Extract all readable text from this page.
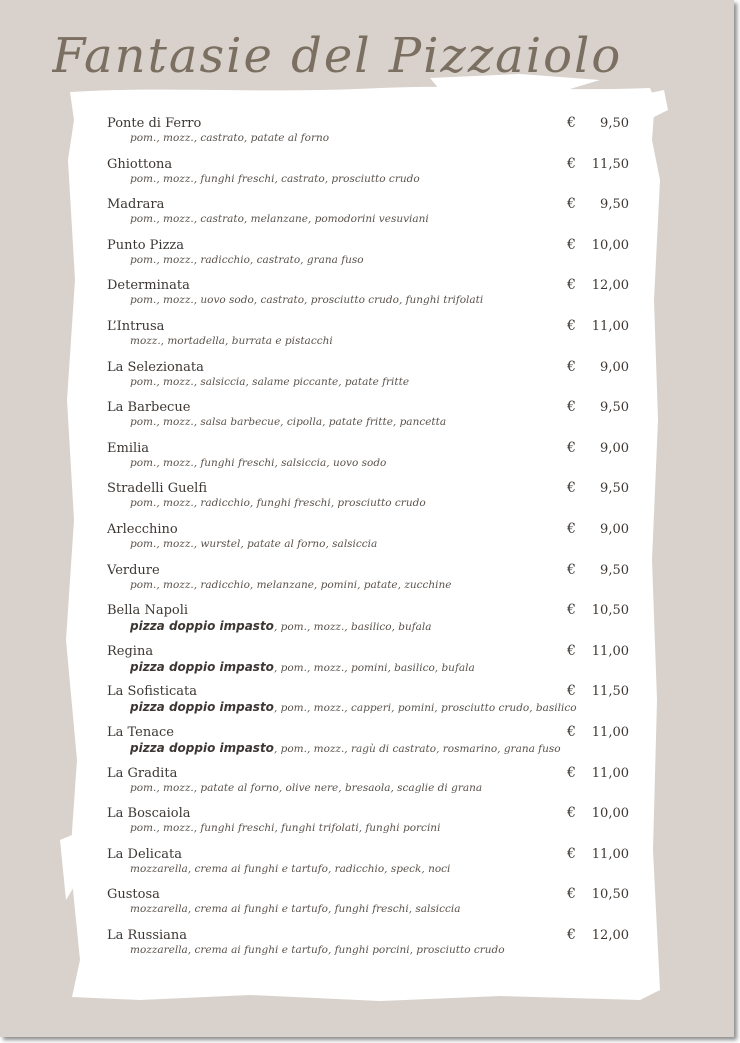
Fantasie del Pizzaiolo
Ponte di Ferro	€ 9,50
pom., mozz., castrato, patate al forno
Ghiottona	€ 11,50
pom., mozz., funghi freschi, castrato, prosciutto crudo
Madrara	€ 9,50
pom., mozz., castrato, melanzane, pomodorini vesuviani
Punto Pizza	€ 10,00
pom., mozz., radicchio, castrato, grana fuso
Determinata	€ 12,00
pom., mozz., uovo sodo, castrato, prosciutto crudo, funghi trifolati
L’Intrusa	€ 11,00
mozz., mortadella, burrata e pistacchi
La Selezionata	€ 9,00
pom., mozz., salsiccia, salame piccante, patate fritte
La Barbecue	€ 9,50
pom., mozz., salsa barbecue, cipolla, patate fritte, pancetta
Emilia	€ 9,00
pom., mozz., funghi freschi, salsiccia, uovo sodo
Stradelli Guelfi	€ 9,50
pom., mozz., radicchio, funghi freschi, prosciutto crudo
Arlecchino	€ 9,00
pom., mozz., wurstel, patate al forno, salsiccia
Verdure	€ 9,50
pom., mozz., radicchio, melanzane, pomini, patate, zucchine
Bella Napoli	€ 10,50
pizza doppio impasto, pom., mozz., basilico, bufala
Regina	€ 11,00
pizza doppio impasto, pom., mozz., pomini, basilico, bufala
La Sofisticata	€ 11,50
pizza doppio impasto, pom., mozz., capperi, pomini, prosciutto crudo, basilico
La Tenace	€ 11,00
pizza doppio impasto, pom., mozz., ragù di castrato, rosmarino, grana fuso
La Gradita	€ 11,00
pom., mozz., patate al forno, olive nere, bresaola, scaglie di grana
La Boscaiola	€ 10,00
pom., mozz., funghi freschi, funghi trifolati, funghi porcini
La Delicata	€ 11,00
mozzarella, crema ai funghi e tartufo, radicchio, speck, noci
Gustosa	€ 10,50
mozzarella, crema ai funghi e tartufo, funghi freschi, salsiccia
La Russiana	€ 12,00
mozzarella, crema ai funghi e tartufo, funghi porcini, prosciutto crudo
